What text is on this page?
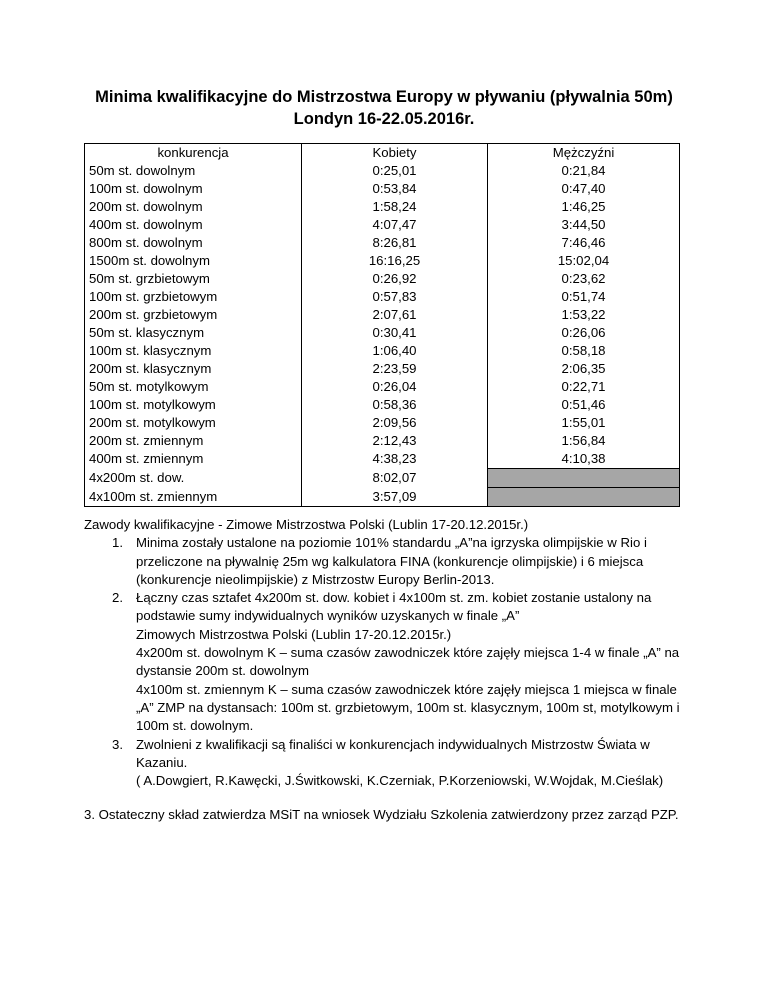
Minima kwalifikacyjne do Mistrzostwa Europy w pływaniu (pływalnia 50m)
Londyn 16-22.05.2016r.
konkurencja	Kobiety	Mężczyźni
50m st. dowolnym	0:25,01	0:21,84
100m st. dowolnym	0:53,84	0:47,40
200m st. dowolnym	1:58,24	1:46,25
400m st. dowolnym	4:07,47	3:44,50
800m st. dowolnym	8:26,81	7:46,46
1500m st. dowolnym	16:16,25	15:02,04
50m st. grzbietowym	0:26,92	0:23,62
100m st. grzbietowym	0:57,83	0:51,74
200m st. grzbietowym	2:07,61	1:53,22
50m st. klasycznym	0:30,41	0:26,06
100m st. klasycznym	1:06,40	0:58,18
200m st. klasycznym	2:23,59	2:06,35
50m st. motylkowym	0:26,04	0:22,71
100m st. motylkowym	0:58,36	0:51,46
200m st. motylkowym	2:09,56	1:55,01
200m st. zmiennym	2:12,43	1:56,84
400m st. zmiennym	4:38,23	4:10,38
4x200m st. dow.	8:02,07	
4x100m st. zmiennym	3:57,09	

Zawody kwalifikacyjne - Zimowe Mistrzostwa Polski (Lublin 17-20.12.2015r.)

1. Minima zostały ustalone na poziomie 101% standardu „A”na igrzyska olimpijskie w Rio i
przeliczone na pływalnię 25m wg kalkulatora FINA (konkurencje olimpijskie) i 6 miejsca
(konkurencje nieolimpijskie) z Mistrzostw Europy Berlin-2013.
2. Łączny czas sztafet 4x200m st. dow. kobiet i 4x100m st. zm. kobiet zostanie ustalony na
podstawie sumy indywidualnych wyników uzyskanych w finale „A”
Zimowych Mistrzostwa Polski (Lublin 17-20.12.2015r.)
4x200m st. dowolnym K – suma czasów zawodniczek które zajęły miejsca 1-4 w finale „A” na
dystansie 200m st. dowolnym
4x100m st. zmiennym K – suma czasów zawodniczek które zajęły miejsca 1 miejsca w finale
„A” ZMP na dystansach: 100m st. grzbietowym, 100m st. klasycznym, 100m st, motylkowym i
100m st. dowolnym.
3. Zwolnieni z kwalifikacji są finaliści w konkurencjach indywidualnych Mistrzostw Świata w
Kazaniu.
( A.Dowgiert, R.Kawęcki, J.Świtkowski, K.Czerniak, P.Korzeniowski, W.Wojdak, M.Cieślak)
3. Ostateczny skład zatwierdza MSiT na wniosek Wydziału Szkolenia zatwierdzony przez zarząd PZP.
